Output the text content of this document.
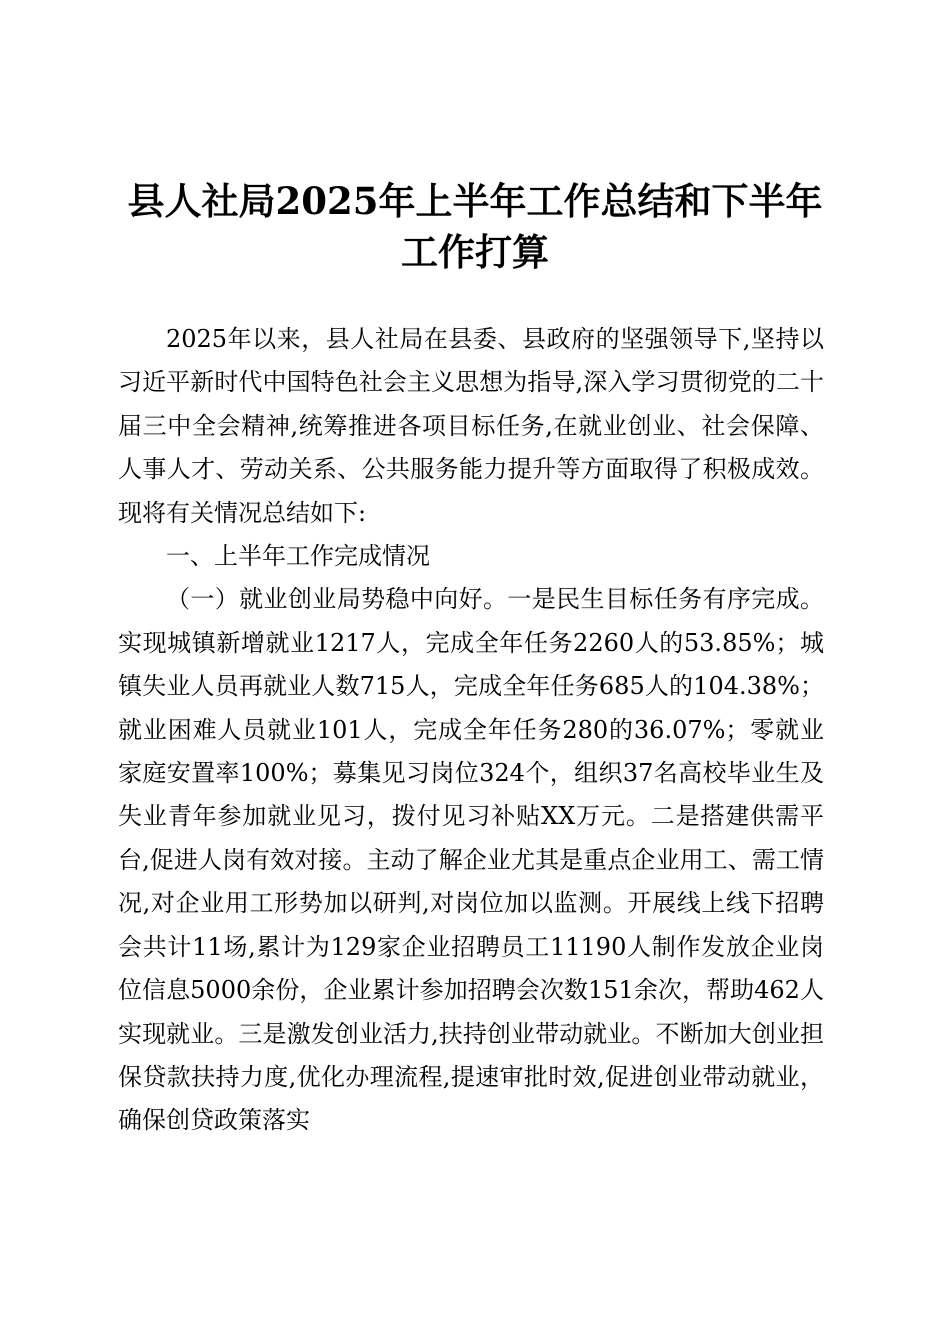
县人社局2025年上半年工作总结和下半年工作打算

2025年以来，县人社局在县委、县政府的坚强领导下,坚持以习近平新时代中国特色社会主义思想为指导,深入学习贯彻党的二十届三中全会精神,统筹推进各项目标任务,在就业创业、社会保障、人事人才、劳动关系、公共服务能力提升等方面取得了积极成效。现将有关情况总结如下:

一、上半年工作完成情况

（一）就业创业局势稳中向好。一是民生目标任务有序完成。实现城镇新增就业1217人，完成全年任务2260人的53.85%；城镇失业人员再就业人数715人，完成全年任务685人的104.38%；就业困难人员就业101人，完成全年任务280的36.07%；零就业家庭安置率100%；募集见习岗位324个，组织37名高校毕业生及失业青年参加就业见习，拨付见习补贴XX万元。二是搭建供需平台,促进人岗有效对接。主动了解企业尤其是重点企业用工、需工情况,对企业用工形势加以研判,对岗位加以监测。开展线上线下招聘会共计11场,累计为129家企业招聘员工11190人制作发放企业岗位信息5000余份，企业累计参加招聘会次数151余次，帮助462人实现就业。三是激发创业活力,扶持创业带动就业。不断加大创业担保贷款扶持力度,优化办理流程,提速审批时效,促进创业带动就业，确保创贷政策落实
